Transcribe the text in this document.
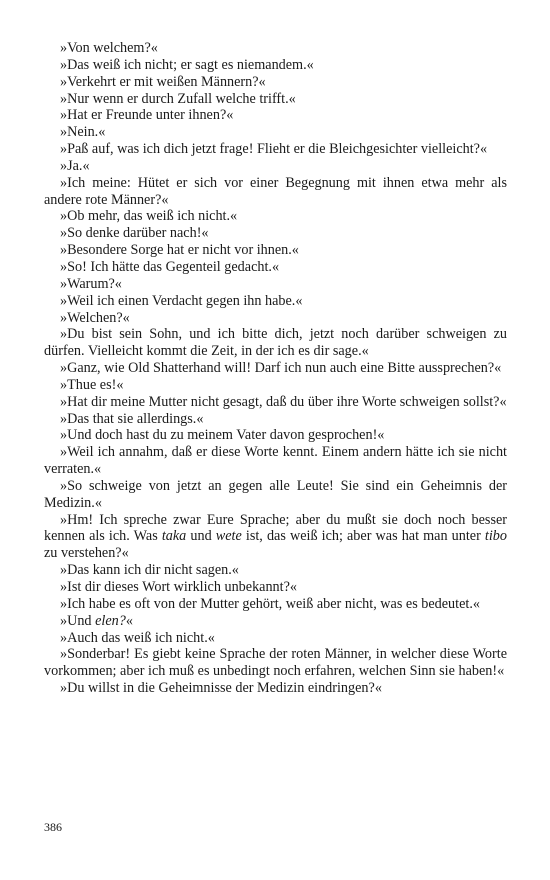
»Von welchem?«

»Das weiß ich nicht; er sagt es niemandem.«

»Verkehrt er mit weißen Männern?«

»Nur wenn er durch Zufall welche trifft.«

»Hat er Freunde unter ihnen?«

»Nein.«

»Paß auf, was ich dich jetzt frage! Flieht er die Bleichgesichter vielleicht?«

»Ja.«

»Ich meine: Hütet er sich vor einer Begegnung mit ihnen etwa mehr als andere rote Männer?«

»Ob mehr, das weiß ich nicht.«

»So denke darüber nach!«

»Besondere Sorge hat er nicht vor ihnen.«

»So! Ich hätte das Gegenteil gedacht.«

»Warum?«

»Weil ich einen Verdacht gegen ihn habe.«

»Welchen?«

»Du bist sein Sohn, und ich bitte dich, jetzt noch darüber schweigen zu dürfen. Vielleicht kommt die Zeit, in der ich es dir sage.«

»Ganz, wie Old Shatterhand will! Darf ich nun auch eine Bitte aussprechen?«

»Thue es!«

»Hat dir meine Mutter nicht gesagt, daß du über ihre Worte schweigen sollst?«

»Das that sie allerdings.«

»Und doch hast du zu meinem Vater davon gesprochen!«

»Weil ich annahm, daß er diese Worte kennt. Einem andern hätte ich sie nicht verraten.«

»So schweige von jetzt an gegen alle Leute! Sie sind ein Geheimnis der Medizin.«

»Hm! Ich spreche zwar Eure Sprache; aber du mußt sie doch noch besser kennen als ich. Was taka und wete ist, das weiß ich; aber was hat man unter tibo zu verstehen?«

»Das kann ich dir nicht sagen.«

»Ist dir dieses Wort wirklich unbekannt?«

»Ich habe es oft von der Mutter gehört, weiß aber nicht, was es bedeutet.«

»Und elen?«

»Auch das weiß ich nicht.«

»Sonderbar! Es giebt keine Sprache der roten Männer, in welcher diese Worte vorkommen; aber ich muß es unbedingt noch erfahren, welchen Sinn sie haben!«

»Du willst in die Geheimnisse der Medizin eindringen?«

386
